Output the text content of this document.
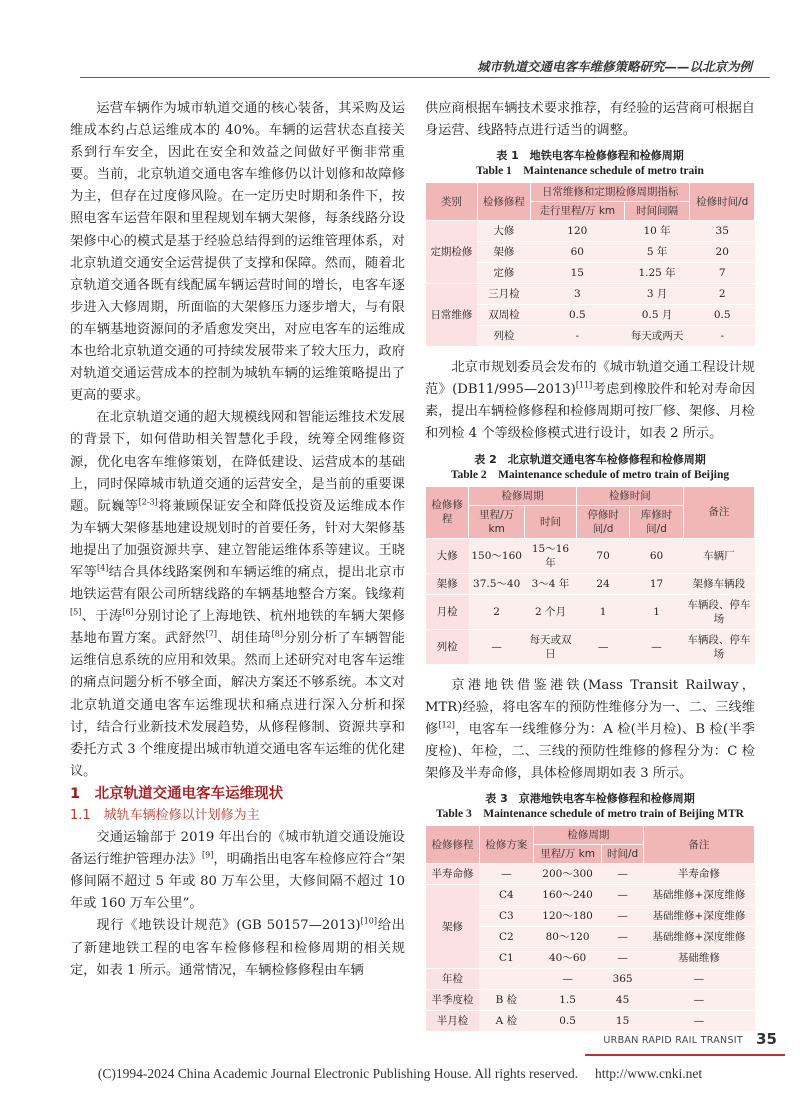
城市轨道交通电客车维修策略研究——以北京为例

运营车辆作为城市轨道交通的核心装备，其采购及运维成本约占总运维成本的 40%。车辆的运营状态直接关系到行车安全，因此在安全和效益之间做好平衡非常重要。当前，北京轨道交通电客车维修仍以计划修和故障修为主，但存在过度修风险。在一定历史时期和条件下，按照电客车运营年限和里程规划车辆大架修，每条线路分设架修中心的模式是基于经验总结得到的运维管理体系，对北京轨道交通安全运营提供了支撑和保障。然而，随着北京轨道交通各既有线配属车辆运营时间的增长，电客车逐步进入大修周期，所面临的大架修压力逐步增大，与有限的车辆基地资源间的矛盾愈发突出，对应电客车的运维成本也给北京轨道交通的可持续发展带来了较大压力，政府对轨道交通运营成本的控制为城轨车辆的运维策略提出了更高的要求。

在北京轨道交通的超大规模线网和智能运维技术发展的背景下，如何借助相关智慧化手段，统筹全网维修资源，优化电客车维修策划，在降低建设、运营成本的基础上，同时保障城市轨道交通的运营安全，是当前的重要课题。阮巍等[2-3]将兼顾保证安全和降低投资及运维成本作为车辆大架修基地建设规划时的首要任务，针对大架修基地提出了加强资源共享、建立智能运维体系等建议。王晓军等[4]结合具体线路案例和车辆运维的痛点，提出北京市地铁运营有限公司所辖线路的车辆基地整合方案。钱缘莉[5]、于涛[6]分别讨论了上海地铁、杭州地铁的车辆大架修基地布置方案。武舒然[7]、胡佳琦[8]分别分析了车辆智能运维信息系统的应用和效果。然而上述研究对电客车运维的痛点问题分析不够全面，解决方案还不够系统。本文对北京轨道交通电客车运维现状和痛点进行深入分析和探讨，结合行业新技术发展趋势，从修程修制、资源共享和委托方式 3 个维度提出城市轨道交通电客车运维的优化建议。

1　北京轨道交通电客车运维现状

1.1　城轨车辆检修以计划修为主

交通运输部于 2019 年出台的《城市轨道交通设施设备运行维护管理办法》[9]，明确指出电客车检修应符合“架修间隔不超过 5 年或 80 万车公里，大修间隔不超过 10 年或 160 万车公里”。

现行《地铁设计规范》(GB 50157—2013)[10]给出了新建地铁工程的电客车检修修程和检修周期的相关规定，如表 1 所示。通常情况，车辆检修修程由车辆

供应商根据车辆技术要求推荐，有经验的运营商可根据自身运营、线路特点进行适当的调整。

表 1　地铁电客车检修修程和检修周期
Table 1　Maintenance schedule of metro train
类别	检修修程	日常维修和定期检修周期指标		检修时间/d
		走行里程/万 km	时间间隔	
定期检修	大修	120	10 年	35
	架修	60	5 年	20
	定修	15	1.25 年	7
日常维修	三月检	3	3 月	2
	双周检	0.5	0.5 月	0.5
	列检	-	每天或两天	-

北京市规划委员会发布的《城市轨道交通工程设计规范》(DB11/995—2013)[11]考虑到橡胶件和轮对寿命因素，提出车辆检修修程和检修周期可按厂修、架修、月检和列检 4 个等级检修模式进行设计，如表 2 所示。

表 2　北京轨道交通电客车检修修程和检修周期
Table 2　Maintenance schedule of metro train of Beijing
检修修程	检修周期		检修时间		备注
	里程/万 km	时间	停修时间/d	库修时间/d	
大修	150～160	15～16 年	70	60	车辆厂
架修	37.5～40	3～4 年	24	17	架修车辆段
月检	2	2 个月	1	1	车辆段、停车场
列检	—	每天或双日	—	—	车辆段、停车场

京港地铁借鉴港铁(Mass Transit Railway，MTR)经验，将电客车的预防性维修分为一、二、三线维修[12]，电客车一线维修分为：A 检(半月检)、B 检(半季度检)、年检，二、三线的预防性维修的修程分为：C 检架修及半寿命修，具体检修周期如表 3 所示。

表 3　京港地铁电客车检修修程和检修周期
Table 3　Maintenance schedule of metro train of Beijing MTR
检修修程	检修方案	检修周期		备注
		里程/万 km	时间/d	
半寿命修	—	200～300	—	半寿命修
架修	C4	160～240	—	基础维修+深度维修
	C3	120～180	—	基础维修+深度维修
	C2	80～120	—	基础维修+深度维修
	C1	40～60	—	基础维修
年检		—	365	—
半季度检	B 检	1.5	45	—
半月检	A 检	0.5	15	—
URBAN RAPID RAIL TRANSIT 35
(C)1994-2024 China Academic Journal Electronic Publishing House. All rights reserved.　 http://www.cnki.net
